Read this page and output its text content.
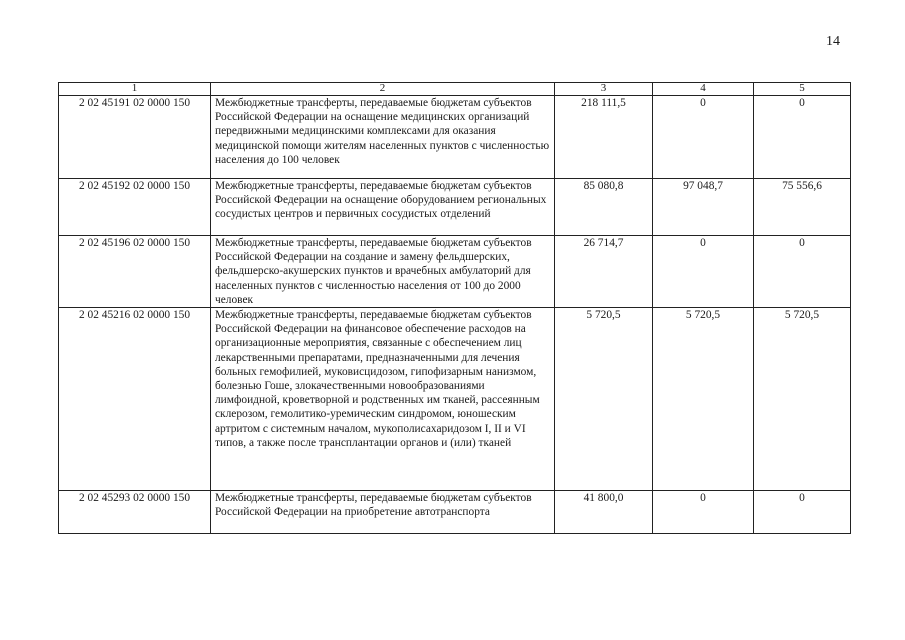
14
1	2	3	4	5
2 02 45191 02 0000 150	Межбюджетные трансферты, передаваемые бюджетам субъектов Российской Федерации на оснащение медицинских организаций передвижными медицинскими комплексами для оказания медицинской помощи жителям населенных пунктов с численностью населения до 100 человек	218 111,5	0	0
2 02 45192 02 0000 150	Межбюджетные трансферты, передаваемые бюджетам субъектов Российской Федерации на оснащение оборудованием региональных сосудистых центров и первичных сосудистых отделений	85 080,8	97 048,7	75 556,6
2 02 45196 02 0000 150	Межбюджетные трансферты, передаваемые бюджетам субъектов Российской Федерации на создание и замену фельдшерских, фельдшерско-акушерских пунктов и врачебных амбулаторий для населенных пунктов с численностью населения от 100 до 2000 человек	26 714,7	0	0
2 02 45216 02 0000 150	Межбюджетные трансферты, передаваемые бюджетам субъектов Российской Федерации на финансовое обеспечение расходов на организационные мероприятия, связанные с обеспечением лиц лекарственными препаратами, предназначенными для лечения больных гемофилией, муковисцидозом, гипофизарным нанизмом, болезнью Гоше, злокачественными новообразованиями лимфоидной, кроветворной и родственных им тканей, рассеянным склерозом, гемолитико-уремическим синдромом, юношеским артритом с системным началом, мукополисахаридозом I, II и VI типов, а также после трансплантации органов и (или) тканей	5 720,5	5 720,5	5 720,5
2 02 45293 02 0000 150	Межбюджетные трансферты, передаваемые бюджетам субъектов Российской Федерации на приобретение автотранспорта	41 800,0	0	0
